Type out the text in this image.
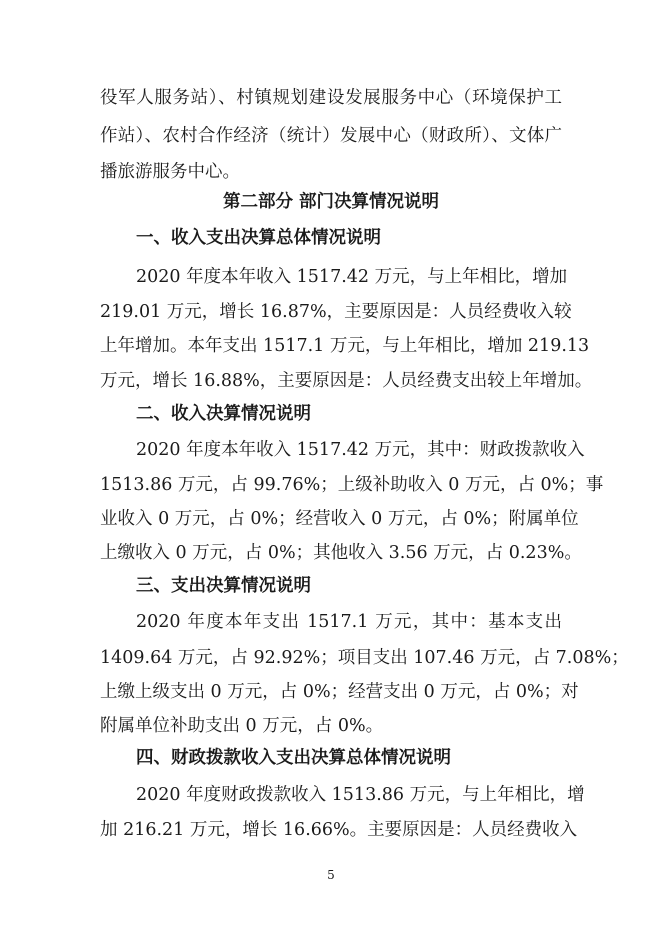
役军人服务站）、村镇规划建设发展服务中心（环境保护工
作站）、农村合作经济（统计）发展中心（财政所）、文体广
播旅游服务中心。
第二部分 部门决算情况说明
一、收入支出决算总体情况说明
2020 年度本年收入 1517.42 万元，与上年相比，增加
219.01 万元，增长 16.87%，主要原因是：人员经费收入较
上年增加。本年支出 1517.1 万元，与上年相比，增加 219.13
万元，增长 16.88%，主要原因是：人员经费支出较上年增加。
二、收入决算情况说明
2020 年度本年收入 1517.42 万元，其中：财政拨款收入
1513.86 万元，占 99.76%；上级补助收入 0 万元，占 0%；事
业收入 0 万元，占 0%；经营收入 0 万元，占 0%；附属单位
上缴收入 0 万元，占 0%；其他收入 3.56 万元，占 0.23%。
三、支出决算情况说明
2020 年度本年支出 1517.1 万元，其中：基本支出
1409.64 万元，占 92.92%；项目支出 107.46 万元，占 7.08%；
上缴上级支出 0 万元，占 0%；经营支出 0 万元，占 0%；对
附属单位补助支出 0 万元，占 0%。
四、财政拨款收入支出决算总体情况说明
2020 年度财政拨款收入 1513.86 万元，与上年相比，增
加 216.21 万元，增长 16.66%。主要原因是：人员经费收入
5
